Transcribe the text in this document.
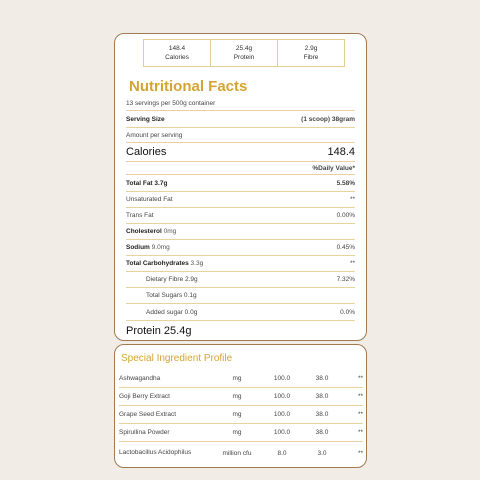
148.4
Calories
25.4g
Protein
2.9g
Fibre
Nutritional Facts
13 servings per 500g container
Serving Size	(1 scoop) 38gram
Amount per serving
Calories	148.4
%Daily Value*
Total Fat 3.7g	5.58%
Unsaturated Fat	**
Trans Fat	0.00%
Cholesterol 0mg
Sodium 9.0mg	0.45%
Total Carbohydrates 3.3g	**
Dietary Fibre 2.9g	7.32%
Total Sugars 0.1g
Added sugar 0.0g	0.0%
Protein 25.4g
Special Ingredient Profile
Ashwagandha	mg	100.0	38.0	**
Goji Berry Extract	mg	100.0	38.0	**
Grape Seed Extract	mg	100.0	38.0	**
Spirullina Powder	mg	100.0	38.0	**
Lactobacillus Acidophilus	million cfu	8.0	3.0	**
